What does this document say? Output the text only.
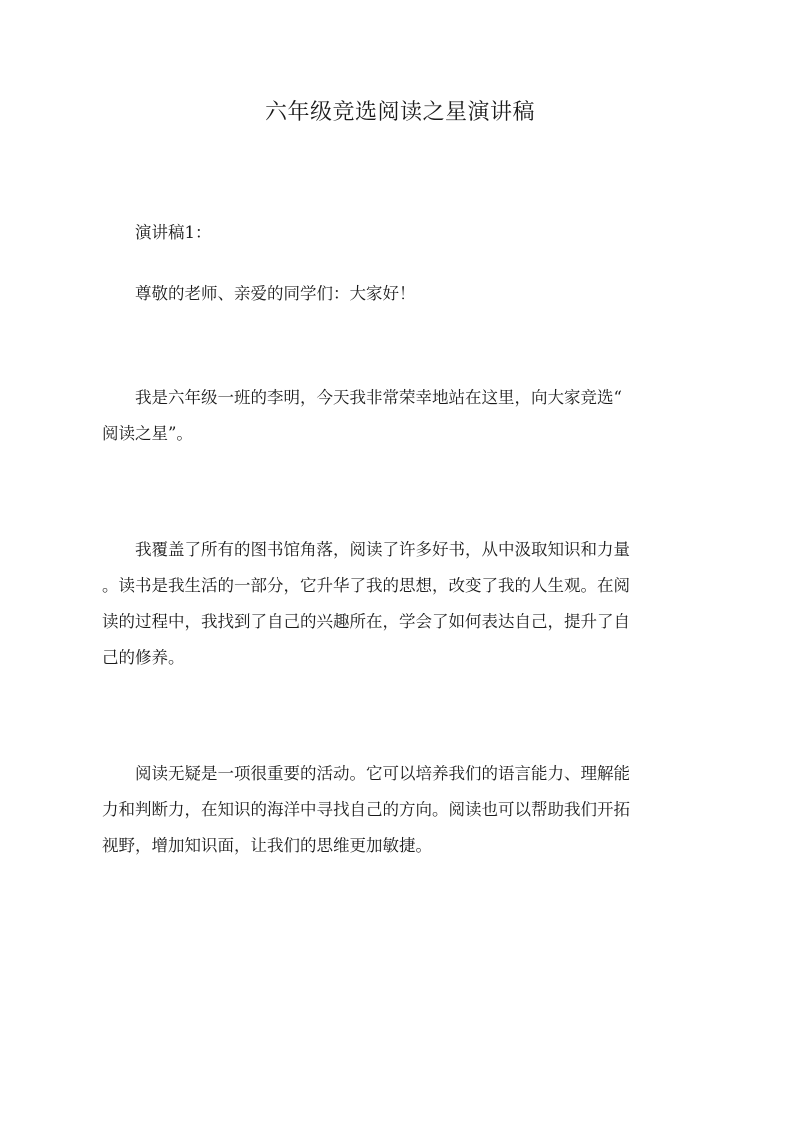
六年级竞选阅读之星演讲稿

演讲稿1：

尊敬的老师、亲爱的同学们：大家好！

我是六年级一班的李明，今天我非常荣幸地站在这里，向大家竞选“
阅读之星”。

我覆盖了所有的图书馆角落，阅读了许多好书，从中汲取知识和力量
。读书是我生活的一部分，它升华了我的思想，改变了我的人生观。在阅
读的过程中，我找到了自己的兴趣所在，学会了如何表达自己，提升了自
己的修养。

阅读无疑是一项很重要的活动。它可以培养我们的语言能力、理解能
力和判断力，在知识的海洋中寻找自己的方向。阅读也可以帮助我们开拓
视野，增加知识面，让我们的思维更加敏捷。
